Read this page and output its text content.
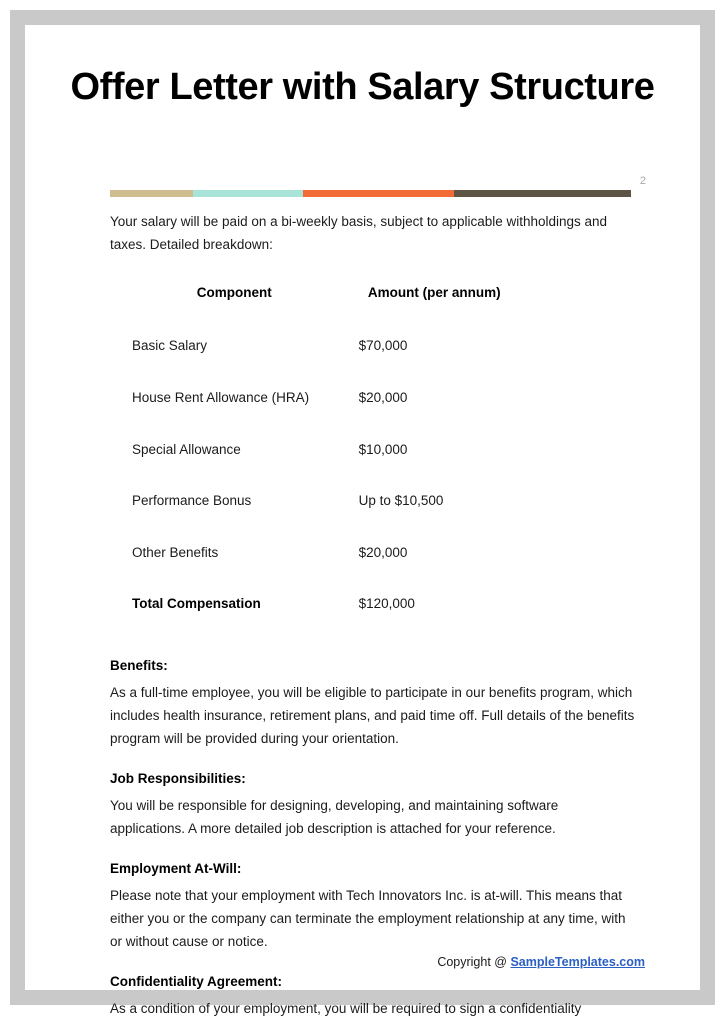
Offer Letter with Salary Structure
2

Your salary will be paid on a bi-weekly basis, subject to applicable withholdings and taxes. Detailed breakdown:

Component	Amount (per annum)
Basic Salary	$70,000
House Rent Allowance (HRA)	$20,000
Special Allowance	$10,000
Performance Bonus	Up to $10,500
Other Benefits	$20,000
Total Compensation	$120,000

Benefits:

As a full-time employee, you will be eligible to participate in our benefits program, which includes health insurance, retirement plans, and paid time off. Full details of the benefits program will be provided during your orientation.

Job Responsibilities:

You will be responsible for designing, developing, and maintaining software applications. A more detailed job description is attached for your reference.

Employment At-Will:

Please note that your employment with Tech Innovators Inc. is at-will. This means that either you or the company can terminate the employment relationship at any time, with or without cause or notice.

Confidentiality Agreement:

As a condition of your employment, you will be required to sign a confidentiality

Copyright @ SampleTemplates.com
